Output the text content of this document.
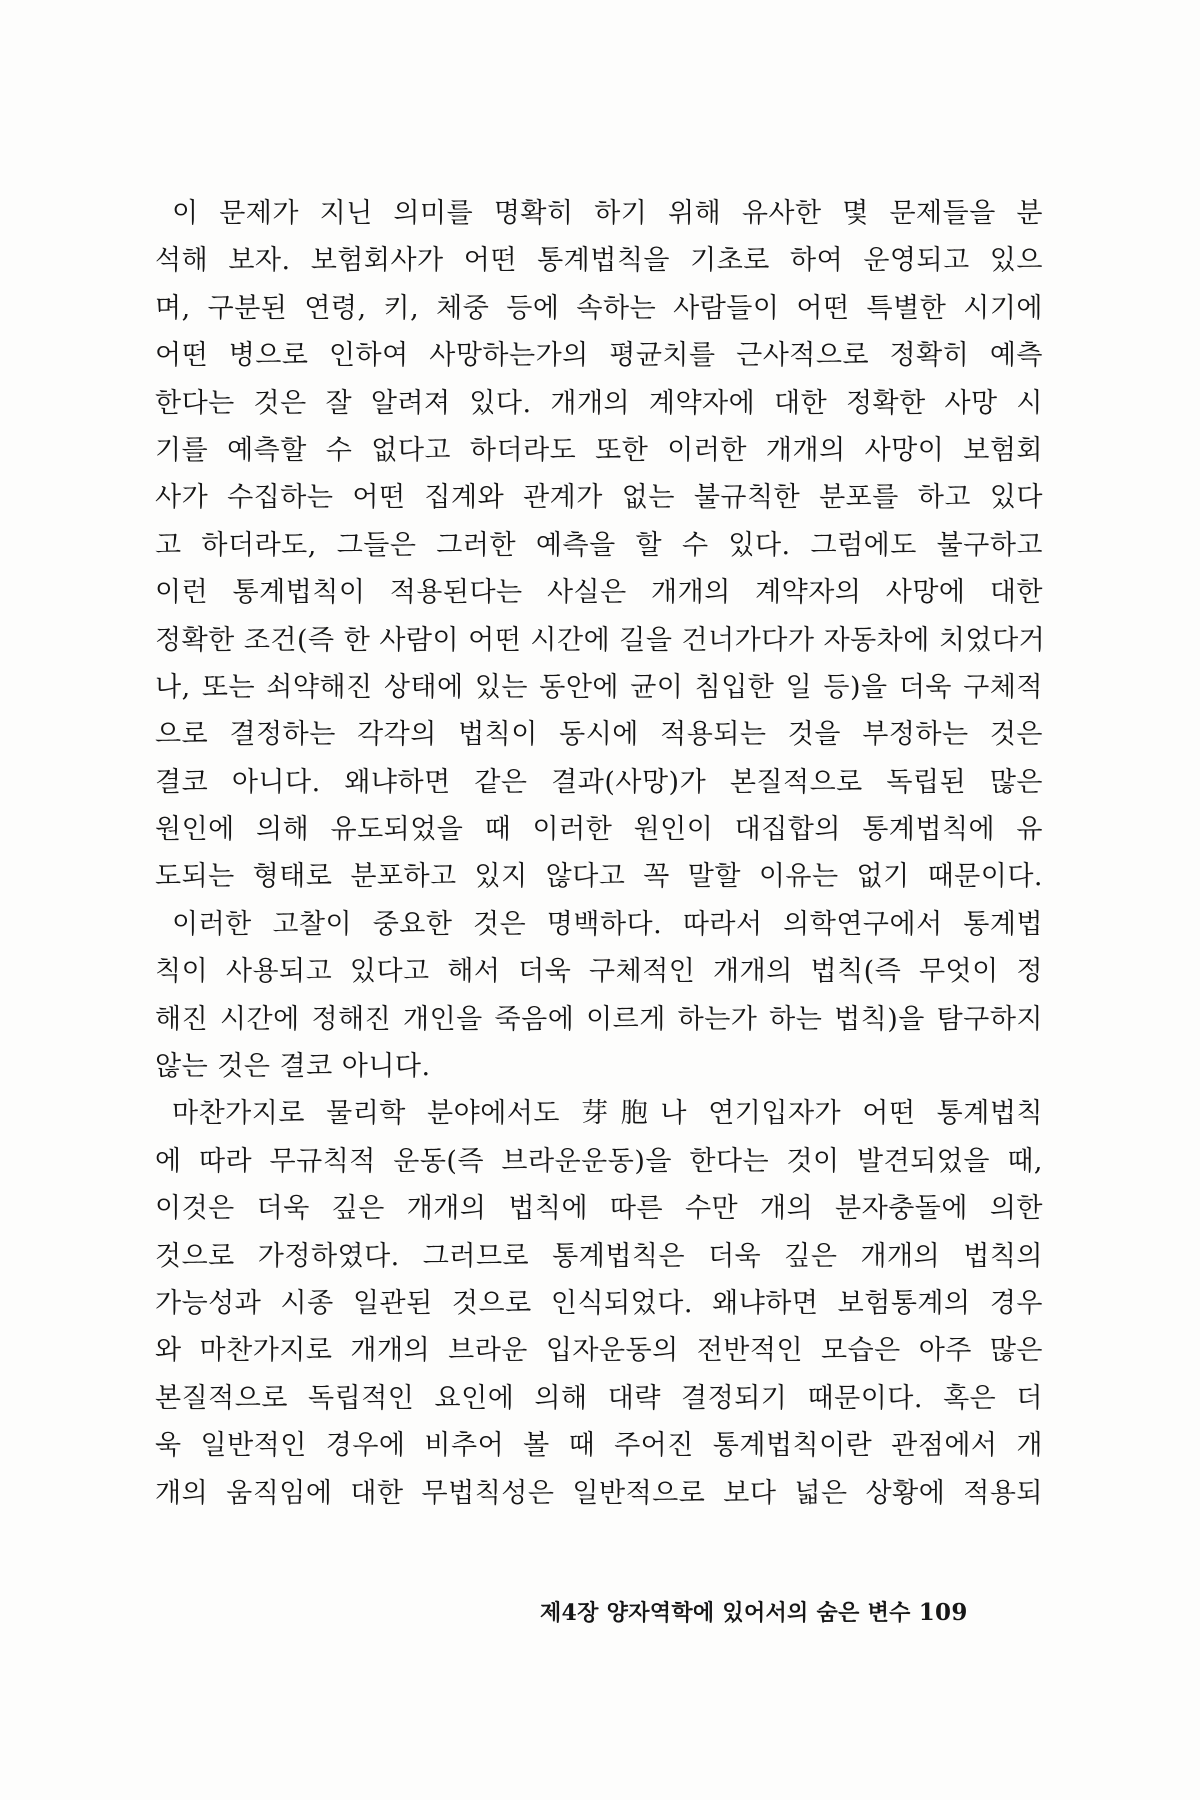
이 문제가 지닌 의미를 명확히 하기 위해 유사한 몇 문제들을 분
석해 보자. 보험회사가 어떤 통계법칙을 기초로 하여 운영되고 있으
며, 구분된 연령, 키, 체중 등에 속하는 사람들이 어떤 특별한 시기에
어떤 병으로 인하여 사망하는가의 평균치를 근사적으로 정확히 예측
한다는 것은 잘 알려져 있다. 개개의 계약자에 대한 정확한 사망 시
기를 예측할 수 없다고 하더라도 또한 이러한 개개의 사망이 보험회
사가 수집하는 어떤 집계와 관계가 없는 불규칙한 분포를 하고 있다
고 하더라도, 그들은 그러한 예측을 할 수 있다. 그럼에도 불구하고
이런 통계법칙이 적용된다는 사실은 개개의 계약자의 사망에 대한
정확한 조건(즉 한 사람이 어떤 시간에 길을 건너가다가 자동차에 치었다거
나, 또는 쇠약해진 상태에 있는 동안에 균이 침입한 일 등)을 더욱 구체적
으로 결정하는 각각의 법칙이 동시에 적용되는 것을 부정하는 것은
결코 아니다. 왜냐하면 같은 결과(사망)가 본질적으로 독립된 많은
원인에 의해 유도되었을 때 이러한 원인이 대집합의 통계법칙에 유
도되는 형태로 분포하고 있지 않다고 꼭 말할 이유는 없기 때문이다.
이러한 고찰이 중요한 것은 명백하다. 따라서 의학연구에서 통계법
칙이 사용되고 있다고 해서 더욱 구체적인 개개의 법칙(즉 무엇이 정
해진 시간에 정해진 개인을 죽음에 이르게 하는가 하는 법칙)을 탐구하지
않는 것은 결코 아니다.
마찬가지로 물리학 분야에서도 芽胞나 연기입자가 어떤 통계법칙
에 따라 무규칙적 운동(즉 브라운운동)을 한다는 것이 발견되었을 때,
이것은 더욱 깊은 개개의 법칙에 따른 수만 개의 분자충돌에 의한
것으로 가정하였다. 그러므로 통계법칙은 더욱 깊은 개개의 법칙의
가능성과 시종 일관된 것으로 인식되었다. 왜냐하면 보험통계의 경우
와 마찬가지로 개개의 브라운 입자운동의 전반적인 모습은 아주 많은
본질적으로 독립적인 요인에 의해 대략 결정되기 때문이다. 혹은 더
욱 일반적인 경우에 비추어 볼 때 주어진 통계법칙이란 관점에서 개
개의 움직임에 대한 무법칙성은 일반적으로 보다 넓은 상황에 적용되
제4장 양자역학에 있어서의 숨은 변수 109
